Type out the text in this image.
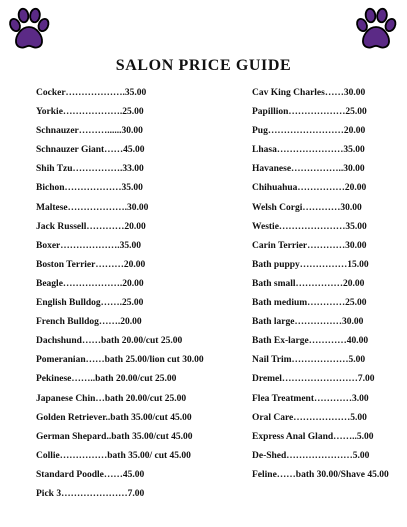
SALON PRICE GUIDE
Cocker……………….35.00
Yorkie……………….25.00
Schnauzer………......30.00
Schnauzer Giant……45.00
Shih Tzu…………….33.00
Bichon………………35.00
Maltese……………….30.00
Jack Russell…………20.00
Boxer……………….35.00
Boston Terrier………20.00
Beagle……………….20.00
English Bulldog…….25.00
French Bulldog…….20.00
Dachshund……bath 20.00/cut 25.00
Pomeranian……bath 25.00/lion cut 30.00
Pekinese……..bath 20.00/cut 25.00
Japanese Chin…bath 20.00/cut 25.00
Golden Retriever..bath 35.00/cut 45.00
German Shepard..bath 35.00/cut 45.00
Collie……………bath 35.00/ cut 45.00
Standard Poodle……45.00
Pick 3…………………7.00
Cav King Charles……30.00
Papillion………………25.00
Pug……………………20.00
Lhasa…………………35.00
Havanese……………..30.00
Chihuahua……………20.00
Welsh Corgi…………30.00
Westie…………………35.00
Carin Terrier…………30.00
Bath puppy……………15.00
Bath small……………20.00
Bath medium…………25.00
Bath large……………30.00
Bath Ex-large…………40.00
Nail Trim………………5.00
Dremel……………………7.00
Flea Treatment…………3.00
Oral Care………………5.00
Express Anal Gland……..5.00
De-Shed…………………5.00
Feline……bath 30.00/Shave 45.00
